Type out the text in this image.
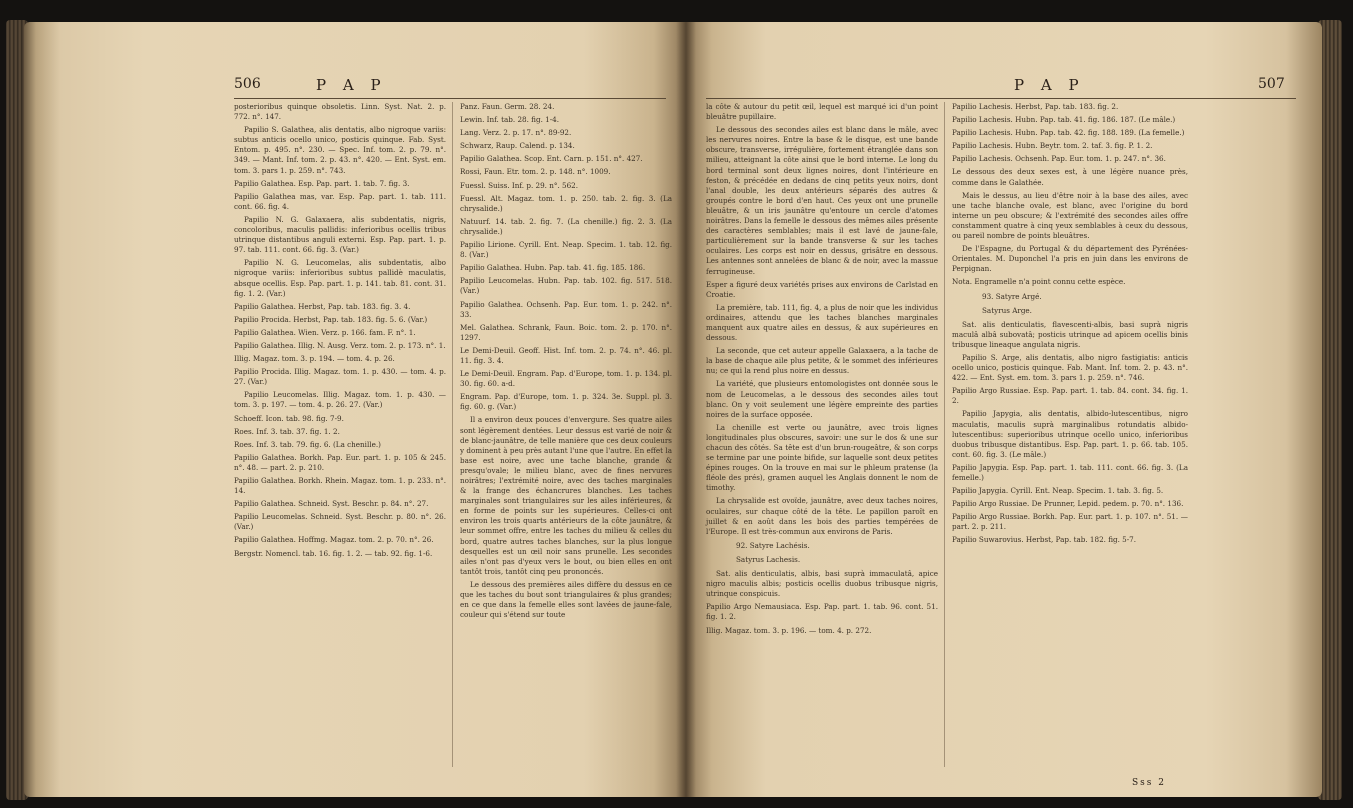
506	P A P

posterioribus quinque obsoletis. Linn. Syst. Nat. 2. p. 772. n°. 147.

Papilio S. Galathea, alis dentatis, albo nigroque variis: subtus anticis ocello unico, posticis quinque. Fab. Syst. Entom. p. 495. n°. 230. — Spec. Inf. tom. 2. p. 79. n°. 349. — Mant. Inf. tom. 2. p. 43. n°. 420. — Ent. Syst. em. tom. 3. pars 1. p. 259. n°. 743.

Papilio Galathea. Esp. Pap. part. 1. tab. 7. fig. 3.

Papilio Galathea mas, var. Esp. Pap. part. 1. tab. 111. cont. 66. fig. 4.

Papilio N. G. Galaxaera, alis subdentatis, nigris, concoloribus, maculis pallidis: inferioribus ocellis tribus utrinque distantibus anguli externi. Esp. Pap. part. 1. p. 97. tab. 111. cont. 66. fig. 3. (Var.)

Papilio N. G. Leucomelas, alis subdentatis, albo nigroque variis: inferioribus subtus pallidè maculatis, absque ocellis. Esp. Pap. part. 1. p. 141. tab. 81. cont. 31. fig. 1. 2. (Var.)

Papilio Galathea. Herbst, Pap. tab. 183. fig. 3. 4.

Papilio Procida. Herbst, Pap. tab. 183. fig. 5. 6. (Var.)

Papilio Galathea. Wien. Verz. p. 166. fam. F. n°. 1.

Papilio Galathea. Illig. N. Ausg. Verz. tom. 2. p. 173. n°. 1.

Illig. Magaz. tom. 3. p. 194. — tom. 4. p. 26.

Papilio Procida. Illig. Magaz. tom. 1. p. 430. — tom. 4. p. 27. (Var.)

Papilio Leucomelas. Illig. Magaz. tom. 1. p. 430. — tom. 3. p. 197. — tom. 4. p. 26. 27. (Var.)

Schoeff. Icon. tab. 98. fig. 7-9.

Roes. Inf. 3. tab. 37. fig. 1. 2.

Roes. Inf. 3. tab. 79. fig. 6. (La chenille.)

Papilio Galathea. Borkh. Pap. Eur. part. 1. p. 105 & 245. n°. 48. — part. 2. p. 210.

Papilio Galathea. Borkh. Rhein. Magaz. tom. 1. p. 233. n°. 14.

Papilio Galathea. Schneid. Syst. Beschr. p. 84. n°. 27.

Papilio Leucomelas. Schneid. Syst. Beschr. p. 80. n°. 26. (Var.)

Papilio Galathea. Hoffmg. Magaz. tom. 2. p. 70. n°. 26.

Bergstr. Nomencl. tab. 16. fig. 1. 2. — tab. 92. fig. 1-6.

Panz. Faun. Germ. 28. 24.

Lewin. Inf. tab. 28. fig. 1-4.

Lang. Verz. 2. p. 17. n°. 89-92.

Schwarz, Raup. Calend. p. 134.

Papilio Galathea. Scop. Ent. Carn. p. 151. n°. 427.

Rossi, Faun. Etr. tom. 2. p. 148. n°. 1009.

Fuessl. Suiss. Inf. p. 29. n°. 562.

Fuessl. Alt. Magaz. tom. 1. p. 250. tab. 2. fig. 3. (La chrysalide.)

Natuurf. 14. tab. 2. fig. 7. (La chenille.) fig. 2. 3. (La chrysalide.)

Papilio Lirione. Cyrill. Ent. Neap. Specim. 1. tab. 12. fig. 8. (Var.)

Papilio Galathea. Hubn. Pap. tab. 41. fig. 185. 186.

Papilio Leucomelas. Hubn. Pap. tab. 102. fig. 517. 518. (Var.)

Papilio Galathea. Ochsenh. Pap. Eur. tom. 1. p. 242. n°. 33.

Mel. Galathea. Schrank, Faun. Boic. tom. 2. p. 170. n°. 1297.

Le Demi-Deuil. Geoff. Hist. Inf. tom. 2. p. 74. n°. 46. pl. 11. fig. 3. 4.

Le Demi-Deuil. Engram. Pap. d'Europe, tom. 1. p. 134. pl. 30. fig. 60. a-d.

Engram. Pap. d'Europe, tom. 1. p. 324. 3e. Suppl. pl. 3. fig. 60. g. (Var.)

Il a environ deux pouces d'envergure. Ses quatre ailes sont légèrement dentées. Leur dessus est varié de noir & de blanc-jaunâtre, de telle manière que ces deux couleurs y dominent à peu près autant l'une que l'autre. En effet la base est noire, avec une tache blanche, grande & presqu'ovale; le milieu blanc, avec de fines nervures noirâtres; l'extrémité noire, avec des taches marginales & la frange des échancrures blanches. Les taches marginales sont triangulaires sur les ailes inférieures, & en forme de points sur les supérieures. Celles-ci ont environ les trois quarts antérieurs de la côte jaunâtre, & leur sommet offre, entre les taches du milieu & celles du bord, quatre autres taches blanches, sur la plus longue desquelles est un œil noir sans prunelle. Les secondes ailes n'ont pas d'yeux vers le bout, ou bien elles en ont tantôt trois, tantôt cinq peu prononcés.

Le dessous des premières ailes diffère du dessus en ce que les taches du bout sont triangulaires & plus grandes; en ce que dans la femelle elles sont lavées de jaune-fale, couleur qui s'étend sur toute

P A P	507

la côte & autour du petit œil, lequel est marqué ici d'un point bleuâtre pupillaire.

Le dessous des secondes ailes est blanc dans le mâle, avec les nervures noires. Entre la base & le disque, est une bande obscure, transverse, irrégulière, fortement étranglée dans son milieu, atteignant la côte ainsi que le bord interne. Le long du bord terminal sont deux lignes noires, dont l'intérieure en feston, & précédée en dedans de cinq petits yeux noirs, dont l'anal double, les deux antérieurs séparés des autres & groupés contre le bord d'en haut. Ces yeux ont une prunelle bleuâtre, & un iris jaunâtre qu'entoure un cercle d'atomes noirâtres. Dans la femelle le dessous des mêmes ailes présente des caractères semblables; mais il est lavé de jaune-fale, particulièrement sur la bande transverse & sur les taches oculaires. Les corps est noir en dessus, grisâtre en dessous. Les antennes sont annelées de blanc & de noir, avec la massue ferrugineuse.

Esper a figuré deux variétés prises aux environs de Carlstad en Croatie.

La première, tab. 111, fig. 4, a plus de noir que les individus ordinaires, attendu que les taches blanches marginales manquent aux quatre ailes en dessus, & aux supérieures en dessous.

La seconde, que cet auteur appelle Galaxaera, a la tache de la base de chaque aile plus petite, & le sommet des inférieures nu; ce qui la rend plus noire en dessus.

La variété, que plusieurs entomologistes ont donnée sous le nom de Leucomelas, a le dessous des secondes ailes tout blanc. On y voit seulement une légère empreinte des parties noires de la surface opposée.

La chenille est verte ou jaunâtre, avec trois lignes longitudinales plus obscures, savoir: une sur le dos & une sur chacun des côtés. Sa tête est d'un brun-rougeâtre, & son corps se termine par une pointe bifide, sur laquelle sont deux petites épines rouges. On la trouve en mai sur le phleum pratense (la fléole des prés), gramen auquel les Anglais donnent le nom de timothy.

La chrysalide est ovoïde, jaunâtre, avec deux taches noires, oculaires, sur chaque côté de la tête. Le papillon paroît en juillet & en août dans les bois des parties tempérées de l'Europe. Il est très-commun aux environs de Paris.

92. Satyre Lachésis.

Satyrus Lachesis.

Sat. alis denticulatis, albis, basi suprà immaculatâ, apice nigro maculis albis; posticis ocellis duobus tribusque nigris, utrinque conspicuis.

Papilio Argo Nemausiaca. Esp. Pap. part. 1. tab. 96. cont. 51. fig. 1. 2.

Illig. Magaz. tom. 3. p. 196. — tom. 4. p. 272.

Papilio Lachesis. Herbst, Pap. tab. 183. fig. 2.

Papilio Lachesis. Hubn. Pap. tab. 41. fig. 186. 187. (Le mâle.)

Papilio Lachesis. Hubn. Pap. tab. 42. fig. 188. 189. (La femelle.)

Papilio Lachesis. Hubn. Beytr. tom. 2. taf. 3. fig. P. 1. 2.

Papilio Lachesis. Ochsenh. Pap. Eur. tom. 1. p. 247. n°. 36.

Le dessous des deux sexes est, à une légère nuance près, comme dans le Galathée.

Mais le dessus, au lieu d'être noir à la base des ailes, avec une tache blanche ovale, est blanc, avec l'origine du bord interne un peu obscure; & l'extrémité des secondes ailes offre constamment quatre à cinq yeux semblables à ceux du dessous, ou pareil nombre de points bleuâtres.

De l'Espagne, du Portugal & du département des Pyrénées-Orientales. M. Duponchel l'a pris en juin dans les environs de Perpignan.

Nota. Engramelle n'a point connu cette espèce.

93. Satyre Argé.

Satyrus Arge.

Sat. alis denticulatis, flavescenti-albis, basi suprà nigris maculâ albâ subovatâ; posticis utrinque ad apicem ocellis binis tribusque lineaque angulata nigris.

Papilio S. Arge, alis dentatis, albo nigro fastigiatis: anticis ocello unico, posticis quinque. Fab. Mant. Inf. tom. 2. p. 43. n°. 422. — Ent. Syst. em. tom. 3. pars 1. p. 259. n°. 746.

Papilio Argo Russiae. Esp. Pap. part. 1. tab. 84. cont. 34. fig. 1. 2.

Papilio Japygia, alis dentatis, albido-lutescentibus, nigro maculatis, maculis suprà marginalibus rotundatis albido-lutescentibus: superioribus utrinque ocello unico, inferioribus duobus tribusque distantibus. Esp. Pap. part. 1. p. 66. tab. 105. cont. 60. fig. 3. (Le mâle.)

Papilio Japygia. Esp. Pap. part. 1. tab. 111. cont. 66. fig. 3. (La femelle.)

Papilio Japygia. Cyrill. Ent. Neap. Specim. 1. tab. 3. fig. 5.

Papilio Argo Russiae. De Prunner, Lepid. pedem. p. 70. n°. 136.

Papilio Argo Russiae. Borkh. Pap. Eur. part. 1. p. 107. n°. 51. — part. 2. p. 211.

Papilio Suwarovius. Herbst, Pap. tab. 182. fig. 5-7.

Sss 2
